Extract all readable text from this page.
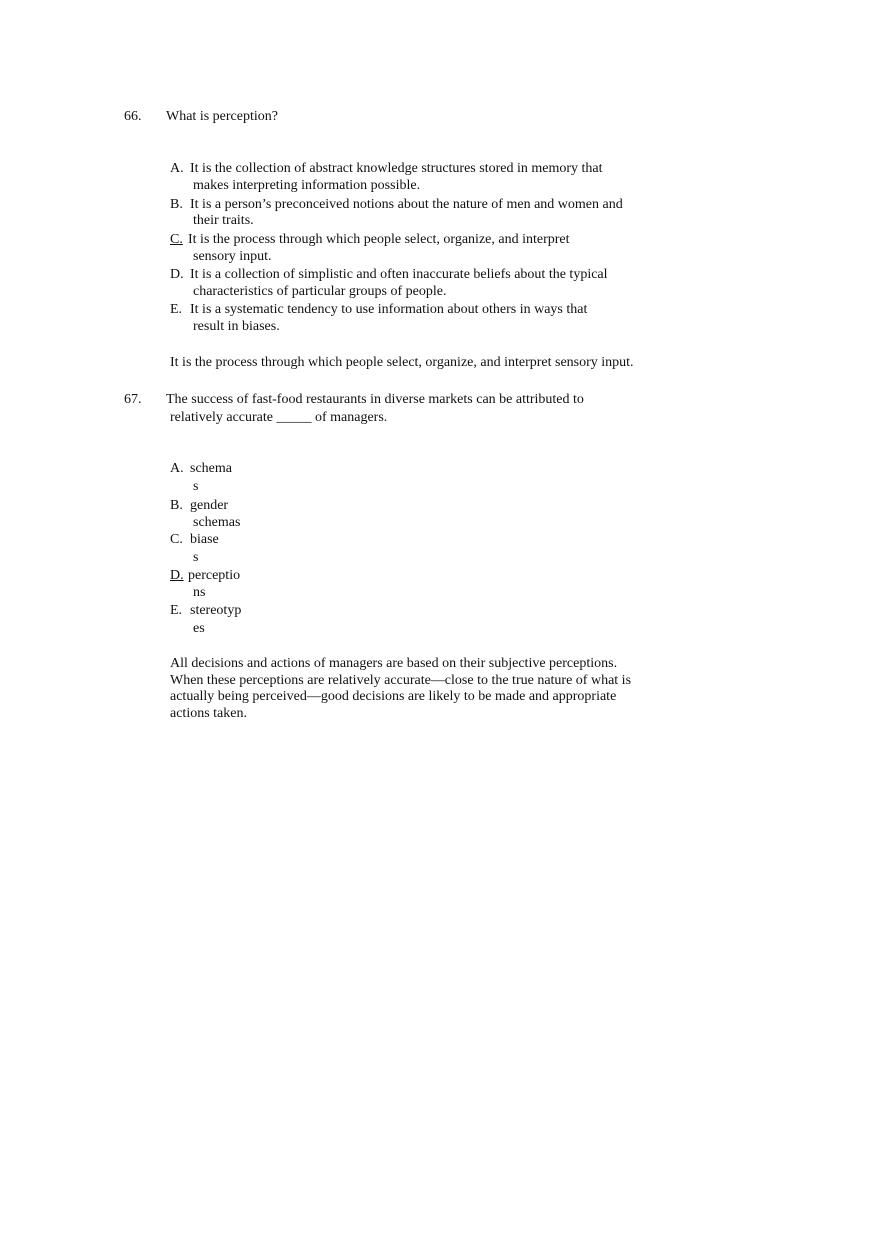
66. What is perception?
A. It is the collection of abstract knowledge structures stored in memory that
makes interpreting information possible.
B. It is a person’s preconceived notions about the nature of men and women and
their traits.
C. It is the process through which people select, organize, and interpret
sensory input.
D. It is a collection of simplistic and often inaccurate beliefs about the typical
characteristics of particular groups of people.
E. It is a systematic tendency to use information about others in ways that
result in biases.
It is the process through which people select, organize, and interpret sensory input.
67. The success of fast-food restaurants in diverse markets can be attributed to
relatively accurate _____ of managers.
A. schema
s
B. gender
schemas
C. biase
s
D. perceptio
ns
E. stereotyp
es
All decisions and actions of managers are based on their subjective perceptions.
When these perceptions are relatively accurate—close to the true nature of what is
actually being perceived—good decisions are likely to be made and appropriate
actions taken.
